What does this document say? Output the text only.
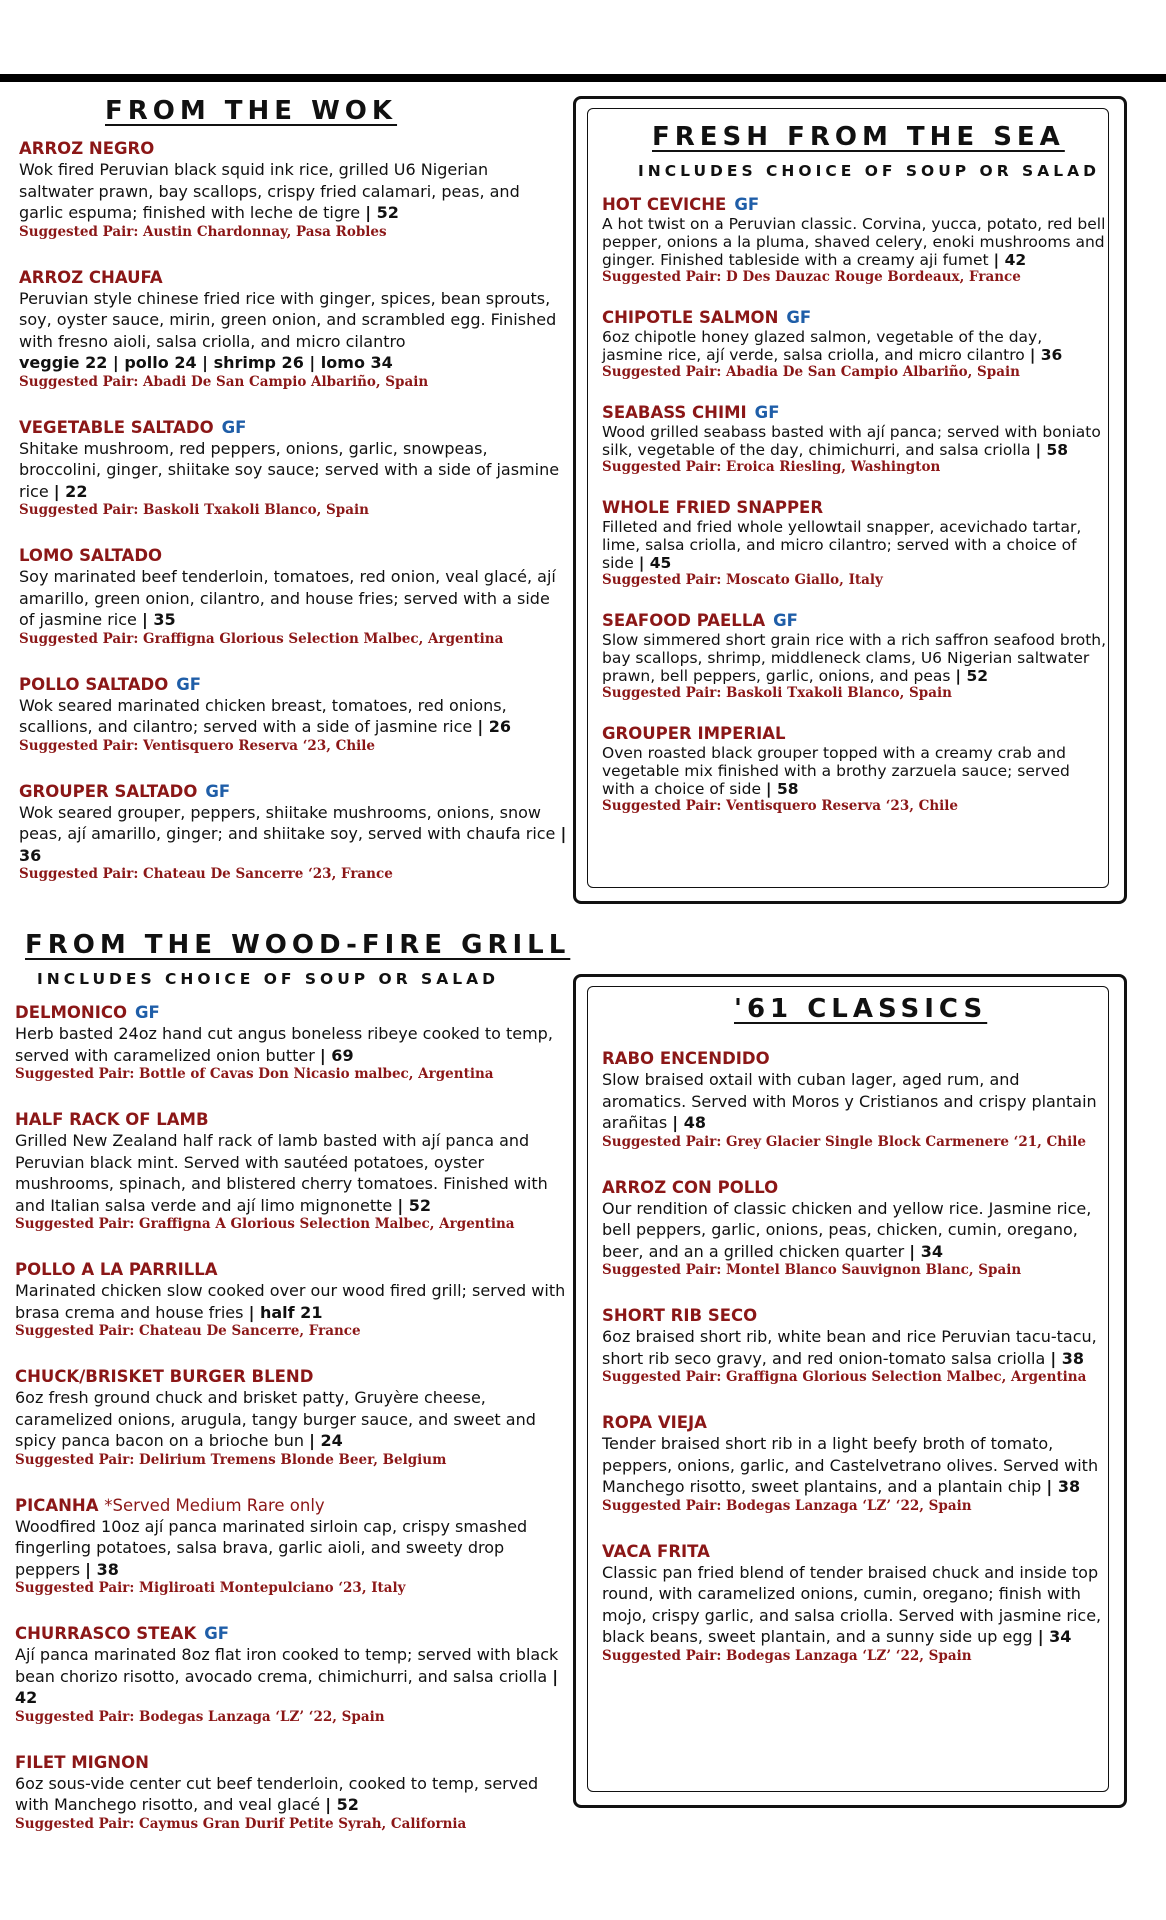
FROM THE WOK
ARROZ NEGRO
Wok fired Peruvian black squid ink rice, grilled U6 Nigerian saltwater prawn, bay scallops, crispy fried calamari, peas, and garlic espuma; finished with leche de tigre | 52
Suggested Pair: Austin Chardonnay, Pasa Robles
ARROZ CHAUFA
Peruvian style chinese fried rice with ginger, spices, bean sprouts, soy, oyster sauce, mirin, green onion, and scrambled egg. Finished with fresno aioli, salsa criolla, and micro cilantro
veggie 22 | pollo 24 | shrimp 26 | lomo 34
Suggested Pair: Abadi De San Campio Albariño, Spain
VEGETABLE SALTADO GF
Shitake mushroom, red peppers, onions, garlic, snowpeas, broccolini, ginger, shiitake soy sauce; served with a side of jasmine rice | 22
Suggested Pair: Baskoli Txakoli Blanco, Spain
LOMO SALTADO
Soy marinated beef tenderloin, tomatoes, red onion, veal glacé, ají amarillo, green onion, cilantro, and house fries; served with a side of jasmine rice | 35
Suggested Pair: Graffigna Glorious Selection Malbec, Argentina
POLLO SALTADO GF
Wok seared marinated chicken breast, tomatoes, red onions, scallions, and cilantro; served with a side of jasmine rice | 26
Suggested Pair: Ventisquero Reserva ‘23, Chile
GROUPER SALTADO GF
Wok seared grouper, peppers, shiitake mushrooms, onions, snow peas, ají amarillo, ginger; and shiitake soy, served with chaufa rice | 36
Suggested Pair: Chateau De Sancerre ‘23, France
FRESH FROM THE SEA
INCLUDES CHOICE OF SOUP OR SALAD
HOT CEVICHE GF
A hot twist on a Peruvian classic. Corvina, yucca, potato, red bell pepper, onions a la pluma, shaved celery, enoki mushrooms and ginger. Finished tableside with a creamy aji fumet | 42
Suggested Pair: D Des Dauzac Rouge Bordeaux, France
CHIPOTLE SALMON GF
6oz chipotle honey glazed salmon, vegetable of the day, jasmine rice, ají verde, salsa criolla, and micro cilantro | 36
Suggested Pair: Abadia De San Campio Albariño, Spain
SEABASS CHIMI GF
Wood grilled seabass basted with ají panca; served with boniato silk, vegetable of the day, chimichurri, and salsa criolla | 58
Suggested Pair: Eroica Riesling, Washington
WHOLE FRIED SNAPPER
Filleted and fried whole yellowtail snapper, acevichado tartar, lime, salsa criolla, and micro cilantro; served with a choice of side | 45
Suggested Pair: Moscato Giallo, Italy
SEAFOOD PAELLA GF
Slow simmered short grain rice with a rich saffron seafood broth, bay scallops, shrimp, middleneck clams, U6 Nigerian saltwater prawn, bell peppers, garlic, onions, and peas | 52
Suggested Pair: Baskoli Txakoli Blanco, Spain
GROUPER IMPERIAL
Oven roasted black grouper topped with a creamy crab and vegetable mix finished with a brothy zarzuela sauce; served with a choice of side | 58
Suggested Pair: Ventisquero Reserva ‘23, Chile
FROM THE WOOD-FIRE GRILL
INCLUDES CHOICE OF SOUP OR SALAD
DELMONICO GF
Herb basted 24oz hand cut angus boneless ribeye cooked to temp, served with caramelized onion butter | 69
Suggested Pair: Bottle of Cavas Don Nicasio malbec, Argentina
HALF RACK OF LAMB
Grilled New Zealand half rack of lamb basted with ají panca and Peruvian black mint. Served with sautéed potatoes, oyster mushrooms, spinach, and blistered cherry tomatoes. Finished with and Italian salsa verde and ají limo mignonette | 52
Suggested Pair: Graffigna A Glorious Selection Malbec, Argentina
POLLO A LA PARRILLA
Marinated chicken slow cooked over our wood fired grill; served with brasa crema and house fries | half 21
Suggested Pair: Chateau De Sancerre, France
CHUCK/BRISKET BURGER BLEND
6oz fresh ground chuck and brisket patty, Gruyère cheese, caramelized onions, arugula, tangy burger sauce, and sweet and spicy panca bacon on a brioche bun | 24
Suggested Pair: Delirium Tremens Blonde Beer, Belgium
PICANHA *Served Medium Rare only
Woodfired 10oz ají panca marinated sirloin cap, crispy smashed fingerling potatoes, salsa brava, garlic aioli, and sweety drop peppers | 38
Suggested Pair: Migliroati Montepulciano ‘23, Italy
CHURRASCO STEAK GF
Ají panca marinated 8oz flat iron cooked to temp; served with black bean chorizo risotto, avocado crema, chimichurri, and salsa criolla | 42
Suggested Pair: Bodegas Lanzaga ‘LZ’ ‘22, Spain
FILET MIGNON
6oz sous-vide center cut beef tenderloin, cooked to temp, served with Manchego risotto, and veal glacé | 52
Suggested Pair: Caymus Gran Durif Petite Syrah, California
'61 CLASSICS
RABO ENCENDIDO
Slow braised oxtail with cuban lager, aged rum, and aromatics. Served with Moros y Cristianos and crispy plantain arañitas | 48
Suggested Pair: Grey Glacier Single Block Carmenere ‘21, Chile
ARROZ CON POLLO
Our rendition of classic chicken and yellow rice. Jasmine rice, bell peppers, garlic, onions, peas, chicken, cumin, oregano, beer, and an a grilled chicken quarter | 34
Suggested Pair: Montel Blanco Sauvignon Blanc, Spain
SHORT RIB SECO
6oz braised short rib, white bean and rice Peruvian tacu-tacu, short rib seco gravy, and red onion-tomato salsa criolla | 38
Suggested Pair: Graffigna Glorious Selection Malbec, Argentina
ROPA VIEJA
Tender braised short rib in a light beefy broth of tomato, peppers, onions, garlic, and Castelvetrano olives. Served with Manchego risotto, sweet plantains, and a plantain chip | 38
Suggested Pair: Bodegas Lanzaga ‘LZ’ ‘22, Spain
VACA FRITA
Classic pan fried blend of tender braised chuck and inside top round, with caramelized onions, cumin, oregano; finish with mojo, crispy garlic, and salsa criolla. Served with jasmine rice, black beans, sweet plantain, and a sunny side up egg | 34
Suggested Pair: Bodegas Lanzaga ‘LZ’ ‘22, Spain
